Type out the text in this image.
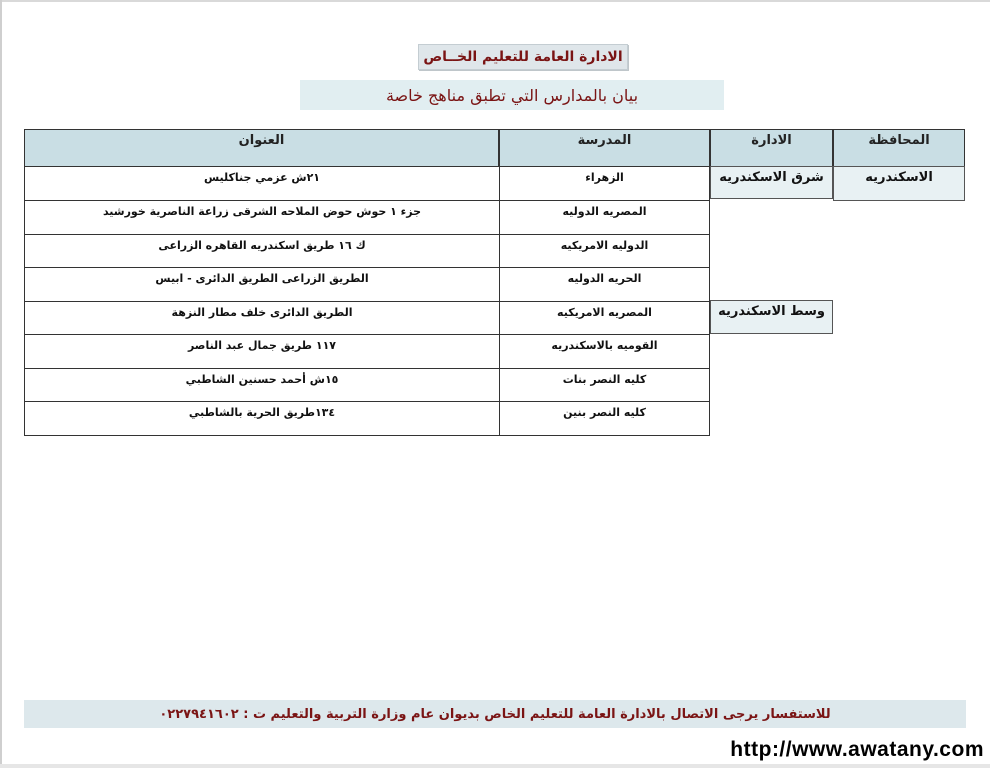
الادارة العامة للتعليم الخــاص
بيان بالمدارس التي تطبق مناهج خاصة
المحافظة
الادارة
المدرسة
العنوان
الاسكندريه
شرق الاسكندريه
وسط الاسكندريه
الزهراء
٢١ش عزمي جناكليس
المصريه الدوليه
جزء ١ حوش حوض الملاحه الشرقى زراعة الناصرية خورشيد
الدوليه الامريكيه
ك ١٦ طريق اسكندريه القاهره الزراعى
الحريه الدوليه
الطريق الزراعى الطريق الدائرى - ابيس
المصريه الامريكيه
الطريق الدائرى خلف مطار النزهة
القوميه بالاسكندريه
١١٧ طريق جمال عبد الناصر
كليه النصر بنات
١٥ش أحمد حسنين الشاطبي
كليه النصر بنين
١٣٤طريق الحرية بالشاطبي
للاستفسار يرجى الاتصال بالادارة العامة للتعليم الخاص بديوان عام وزارة التربية والتعليم ت : ٠٢٢٧٩٤١٦٠٢
http://www.awatany.com
